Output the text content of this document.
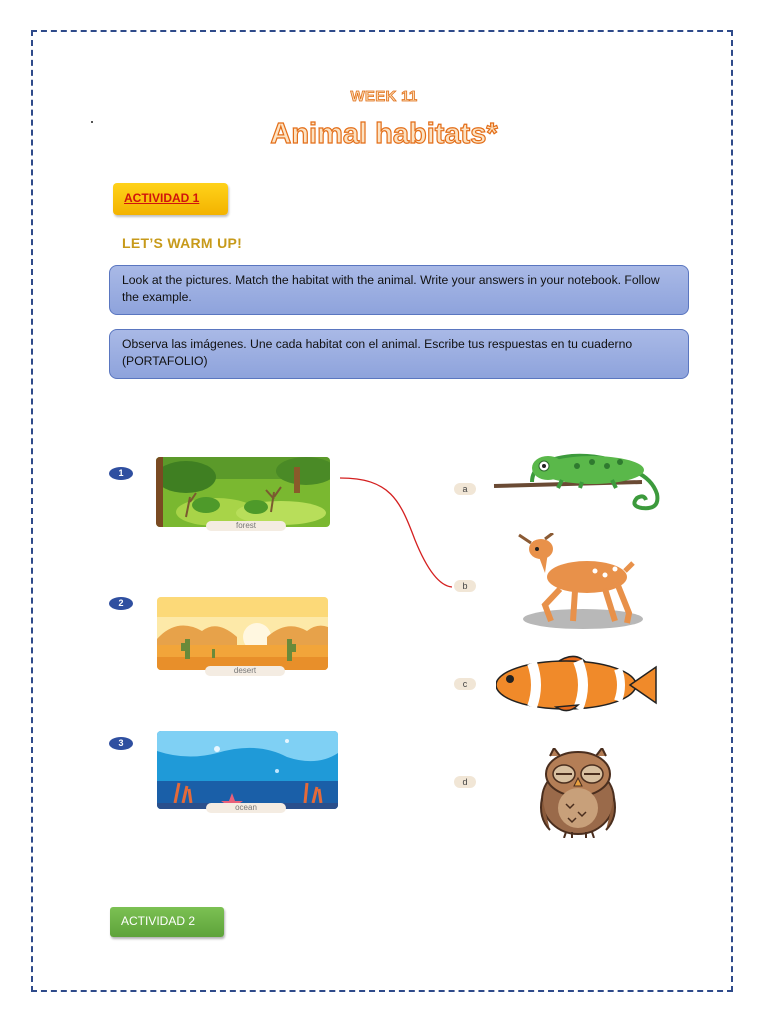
WEEK 11
Animal habitats*
ACTIVIDAD 1
LET’S WARM UP!
Look at the pictures. Match the habitat with the animal. Write your answers in your notebook. Follow the example.
Observa las imágenes. Une cada habitat con el animal. Escribe tus respuestas en tu cuaderno (PORTAFOLIO)
1
forest
2
desert
3
ocean
a
b
c
d
ACTIVIDAD 2
